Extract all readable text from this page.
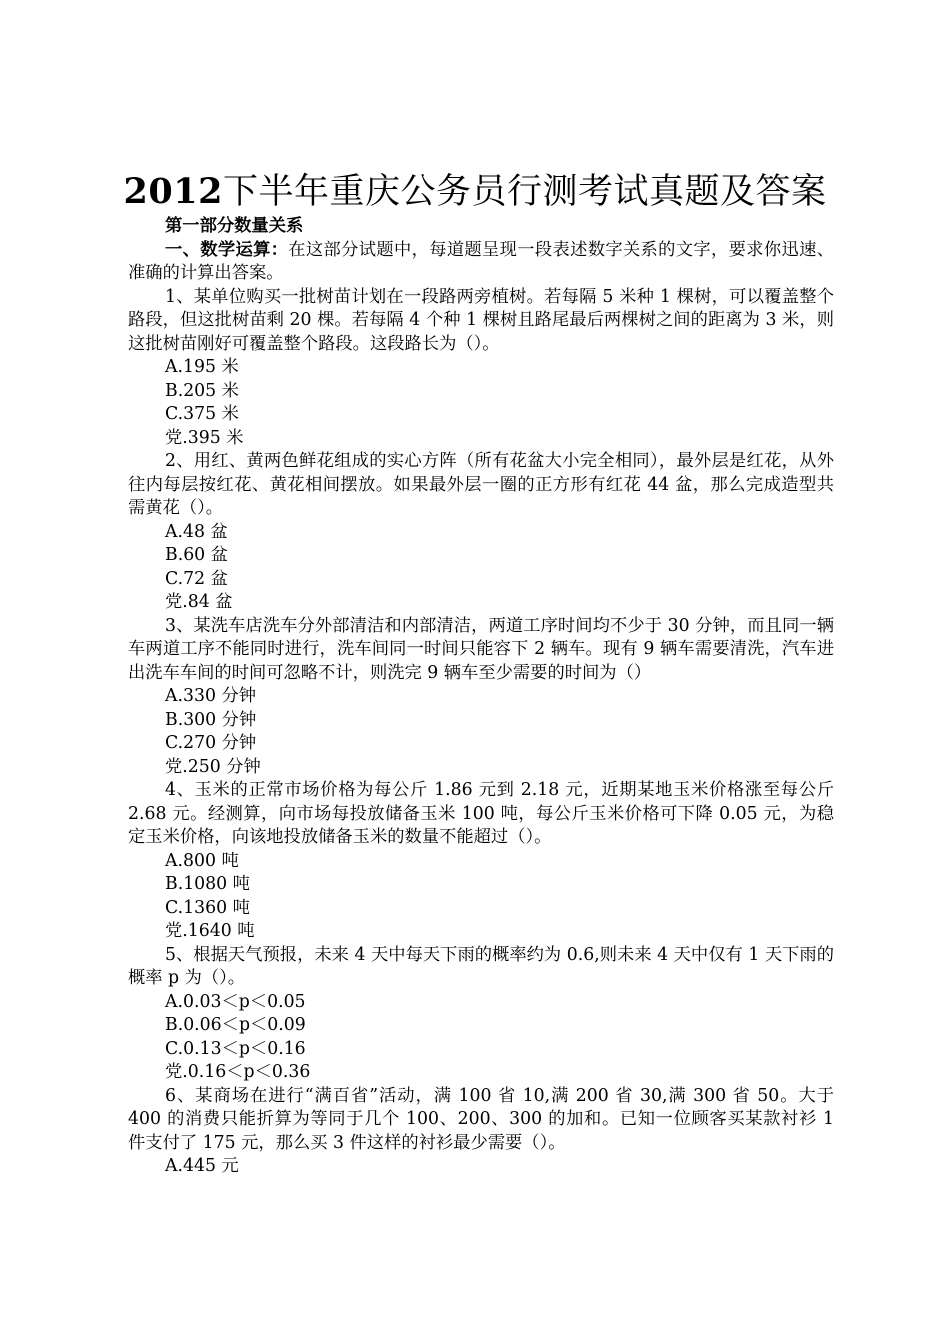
2012下半年重庆公务员行测考试真题及答案

第一部分数量关系

一、数学运算：在这部分试题中，每道题呈现一段表述数字关系的文字，要求你迅速、准确的计算出答案。

1、某单位购买一批树苗计划在一段路两旁植树。若每隔 5 米种 1 棵树，可以覆盖整个路段，但这批树苗剩 20 棵。若每隔 4 个种 1 棵树且路尾最后两棵树之间的距离为 3 米，则这批树苗刚好可覆盖整个路段。这段路长为（）。

A.195 米

B.205 米

C.375 米

党.395 米

2、用红、黄两色鲜花组成的实心方阵（所有花盆大小完全相同），最外层是红花，从外往内每层按红花、黄花相间摆放。如果最外层一圈的正方形有红花 44 盆，那么完成造型共需黄花（）。

A.48 盆

B.60 盆

C.72 盆

党.84 盆

3、某洗车店洗车分外部清洁和内部清洁，两道工序时间均不少于 30 分钟，而且同一辆车两道工序不能同时进行，洗车间同一时间只能容下 2 辆车。现有 9 辆车需要清洗，汽车进出洗车车间的时间可忽略不计，则洗完 9 辆车至少需要的时间为（）

A.330 分钟

B.300 分钟

C.270 分钟

党.250 分钟

4、玉米的正常市场价格为每公斤 1.86 元到 2.18 元，近期某地玉米价格涨至每公斤 2.68 元。经测算，向市场每投放储备玉米 100 吨，每公斤玉米价格可下降 0.05 元，为稳定玉米价格，向该地投放储备玉米的数量不能超过（）。

A.800 吨

B.1080 吨

C.1360 吨

党.1640 吨

5、根据天气预报，未来 4 天中每天下雨的概率约为 0.6,则未来 4 天中仅有 1 天下雨的概率 p 为（）。

A.0.03＜p＜0.05

B.0.06＜p＜0.09

C.0.13＜p＜0.16

党.0.16＜p＜0.36

6、某商场在进行“满百省”活动，满 100 省 10,满 200 省 30,满 300 省 50。大于 400 的消费只能折算为等同于几个 100、200、300 的加和。已知一位顾客买某款衬衫 1 件支付了 175 元，那么买 3 件这样的衬衫最少需要（）。

A.445 元
